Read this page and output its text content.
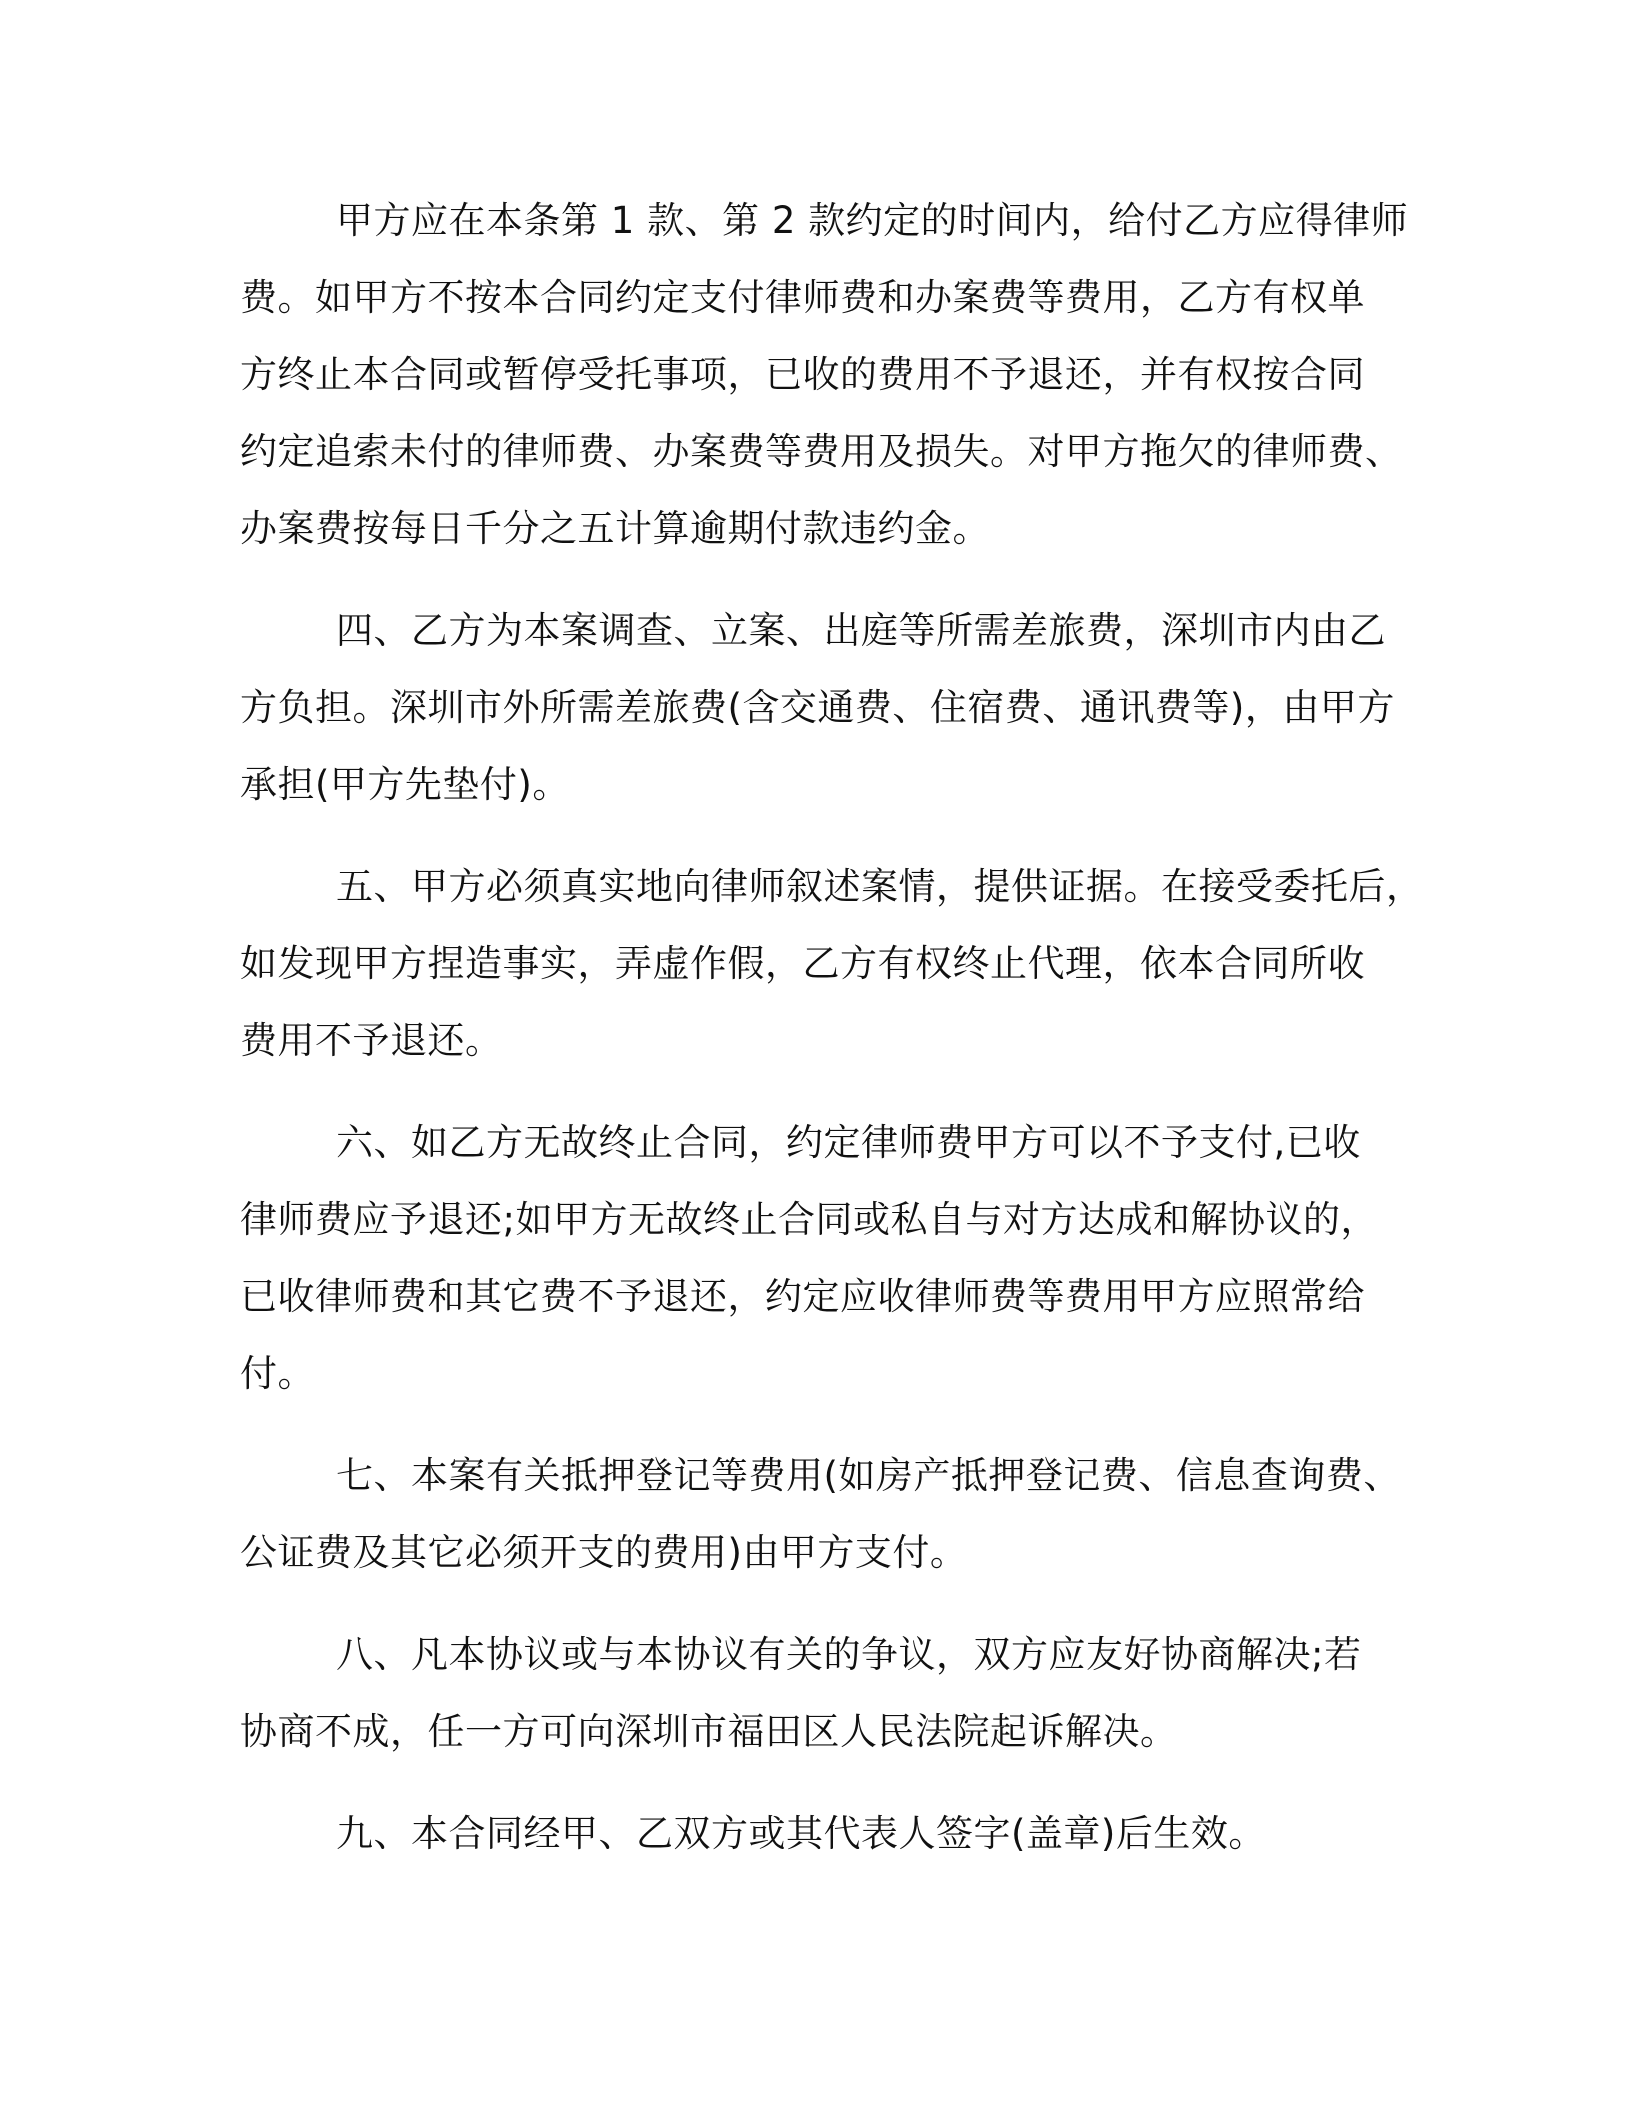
甲方应在本条第 1 款、第 2 款约定的时间内，给付乙方应得律师
费。如甲方不按本合同约定支付律师费和办案费等费用，乙方有权单
方终止本合同或暂停受托事项，已收的费用不予退还，并有权按合同
约定追索未付的律师费、办案费等费用及损失。对甲方拖欠的律师费、
办案费按每日千分之五计算逾期付款违约金。
四、乙方为本案调查、立案、出庭等所需差旅费，深圳市内由乙
方负担。深圳市外所需差旅费(含交通费、住宿费、通讯费等)，由甲方
承担(甲方先垫付)。
五、甲方必须真实地向律师叙述案情，提供证据。在接受委托后，
如发现甲方捏造事实，弄虚作假，乙方有权终止代理，依本合同所收
费用不予退还。
六、如乙方无故终止合同，约定律师费甲方可以不予支付,已收
律师费应予退还;如甲方无故终止合同或私自与对方达成和解协议的，
已收律师费和其它费不予退还，约定应收律师费等费用甲方应照常给
付。
七、本案有关抵押登记等费用(如房产抵押登记费、信息查询费、
公证费及其它必须开支的费用)由甲方支付。
八、凡本协议或与本协议有关的争议，双方应友好协商解决;若
协商不成，任一方可向深圳市福田区人民法院起诉解决。
九、本合同经甲、乙双方或其代表人签字(盖章)后生效。
